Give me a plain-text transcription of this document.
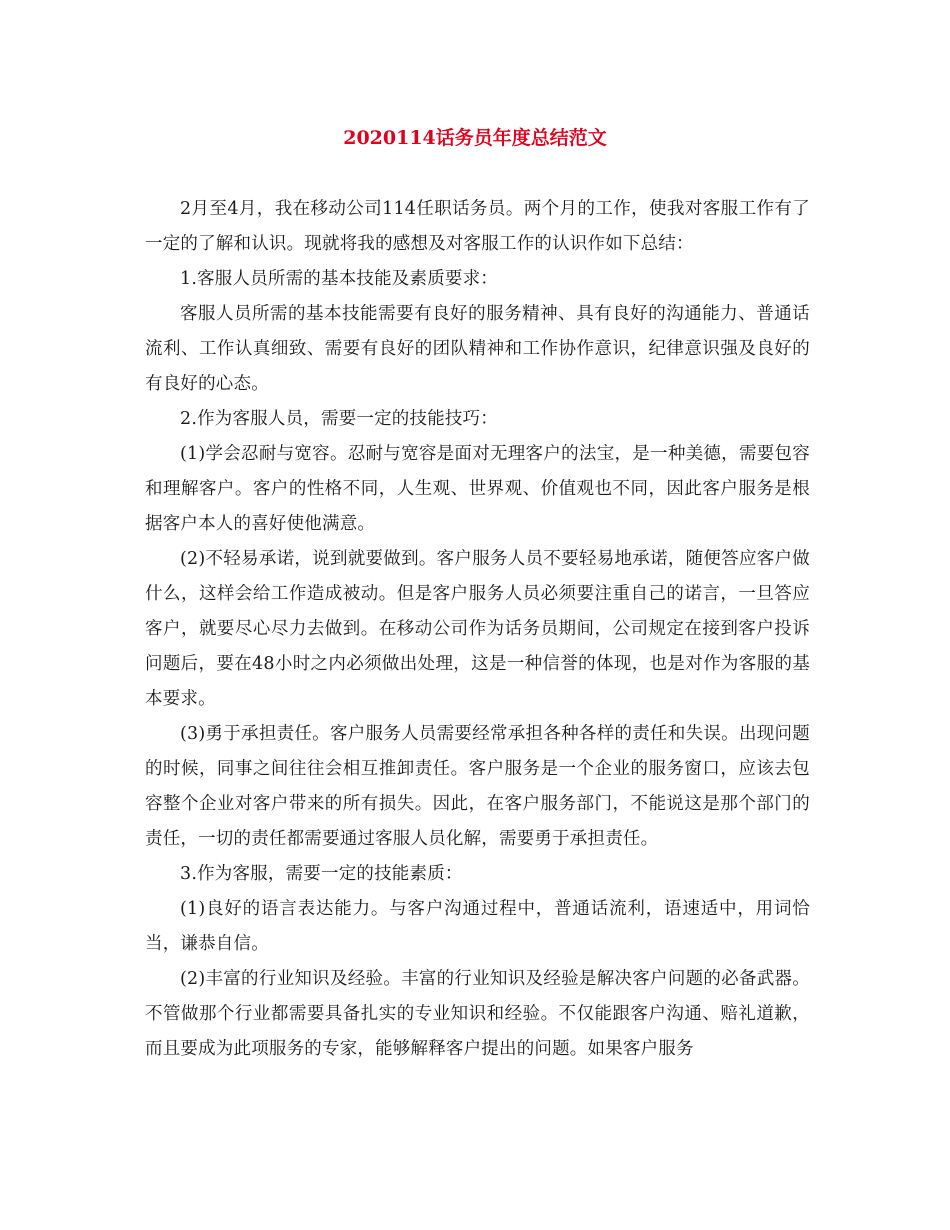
2020114话务员年度总结范文

2月至4月，我在移动公司114任职话务员。两个月的工作，使我对客服工作有了一定的了解和认识。现就将我的感想及对客服工作的认识作如下总结：

1.客服人员所需的基本技能及素质要求：

客服人员所需的基本技能需要有良好的服务精神、具有良好的沟通能力、普通话流利、工作认真细致、需要有良好的团队精神和工作协作意识，纪律意识强及良好的有良好的心态。

2.作为客服人员，需要一定的技能技巧：

(1)学会忍耐与宽容。忍耐与宽容是面对无理客户的法宝，是一种美德，需要包容和理解客户。客户的性格不同，人生观、世界观、价值观也不同，因此客户服务是根据客户本人的喜好使他满意。

(2)不轻易承诺，说到就要做到。客户服务人员不要轻易地承诺，随便答应客户做什么，这样会给工作造成被动。但是客户服务人员必须要注重自己的诺言，一旦答应客户，就要尽心尽力去做到。在移动公司作为话务员期间，公司规定在接到客户投诉问题后，要在48小时之内必须做出处理，这是一种信誉的体现，也是对作为客服的基本要求。

(3)勇于承担责任。客户服务人员需要经常承担各种各样的责任和失误。出现问题的时候，同事之间往往会相互推卸责任。客户服务是一个企业的服务窗口，应该去包容整个企业对客户带来的所有损失。因此，在客户服务部门，不能说这是那个部门的责任，一切的责任都需要通过客服人员化解，需要勇于承担责任。

3.作为客服，需要一定的技能素质：

(1)良好的语言表达能力。与客户沟通过程中，普通话流利，语速适中，用词恰当，谦恭自信。

(2)丰富的行业知识及经验。丰富的行业知识及经验是解决客户问题的必备武器。不管做那个行业都需要具备扎实的专业知识和经验。不仅能跟客户沟通、赔礼道歉，而且要成为此项服务的专家，能够解释客户提出的问题。如果客户服务
